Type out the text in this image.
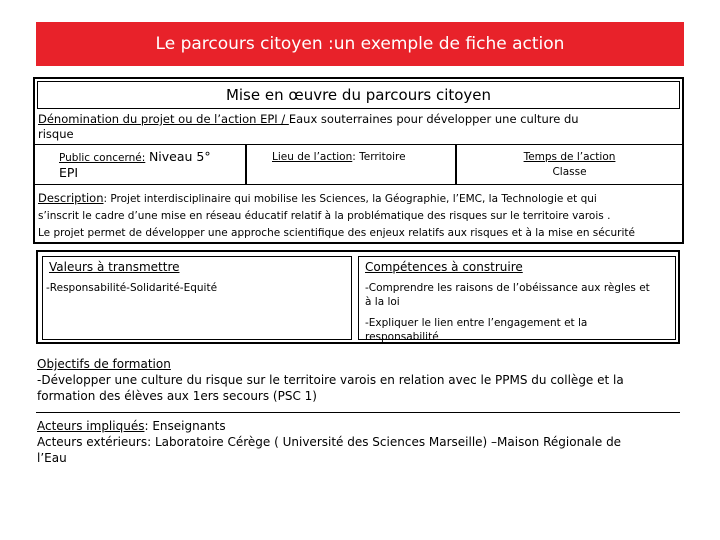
Le parcours citoyen :un exemple de fiche action
Mise en œuvre du parcours citoyen
Dénomination du projet ou de l’action EPI / Eaux souterraines pour développer une culture du
risque
Public concerné: Niveau 5°
EPI
Lieu de l’action: Territoire	Temps de l’action
Classe
Description: Projet interdisciplinaire qui mobilise les Sciences, la Géographie, l’EMC, la Technologie et qui
s’inscrit le cadre d’une mise en réseau éducatif relatif à la problématique des risques sur le territoire varois .
Le projet permet de développer une approche scientifique des enjeux relatifs aux risques et à la mise en sécurité
Valeurs à transmettre
-Responsabilité-Solidarité-Equité
Compétences à construire
-Comprendre les raisons de l’obéissance aux règles et
à la loi
-Expliquer le lien entre l’engagement et la
responsabilité
Objectifs de formation
-Développer une culture du risque sur le territoire varois en relation avec le PPMS du collège et la
formation des élèves aux 1ers secours (PSC 1)
Acteurs impliqués: Enseignants
Acteurs extérieurs: Laboratoire Cérège ( Université des Sciences Marseille) –Maison Régionale de
l’Eau
